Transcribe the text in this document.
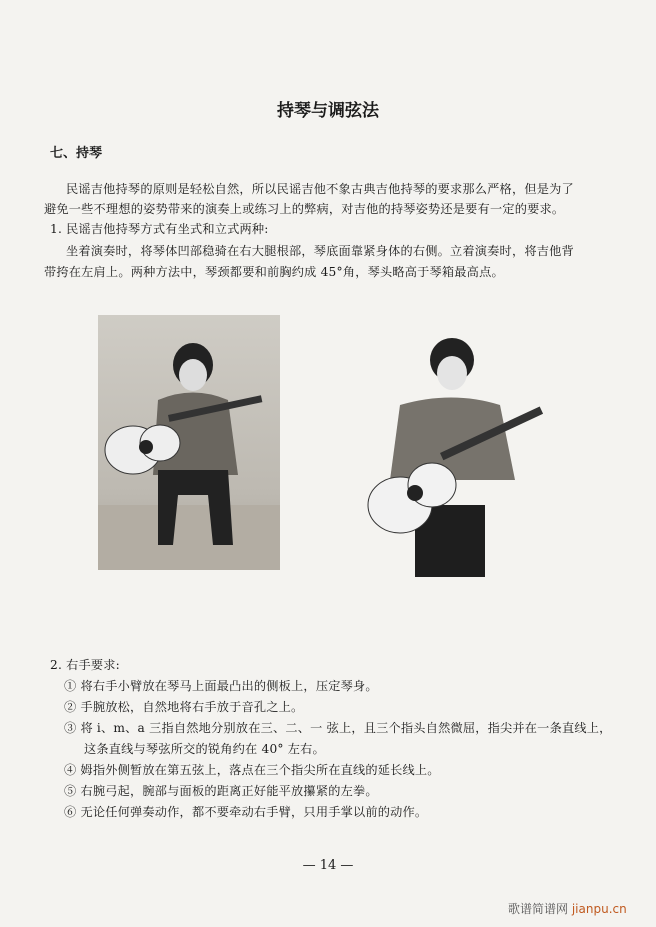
持琴与调弦法
七、持琴
民谣吉他持琴的原则是轻松自然，所以民谣吉他不象古典吉他持琴的要求那么严格，但是为了
避免一些不理想的姿势带来的演奏上或练习上的弊病，对吉他的持琴姿势还是要有一定的要求。
1. 民谣吉他持琴方式有坐式和立式两种:
坐着演奏时，将琴体凹部稳骑在右大腿根部，琴底面靠紧身体的右侧。立着演奏时，将吉他背
带挎在左肩上。两种方法中，琴颈都要和前胸约成 45°角，琴头略高于琴箱最高点。
2. 右手要求:
① 将右手小臂放在琴马上面最凸出的侧板上，压定琴身。
② 手腕放松，自然地将右手放于音孔之上。
③ 将 i、m、a 三指自然地分别放在三、二、一 弦上，且三个指头自然微屈，指尖并在一条直线上，
这条直线与琴弦所交的锐角约在 40° 左右。
④ 姆指外侧暂放在第五弦上，落点在三个指尖所在直线的延长线上。
⑤ 右腕弓起，腕部与面板的距离正好能平放攥紧的左拳。
⑥ 无论任何弹奏动作，都不要牵动右手臂，只用手掌以前的动作。
— 14 —
歌谱简谱网 jianpu.cn
